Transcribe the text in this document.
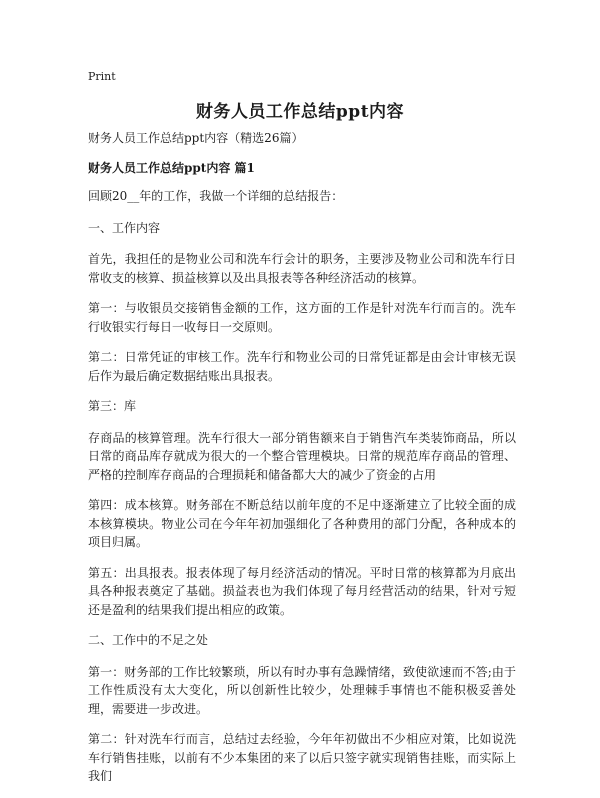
Print
财务人员工作总结ppt内容
财务人员工作总结ppt内容（精选26篇）
财务人员工作总结ppt内容 篇1

回顾20__年的工作，我做一个详细的总结报告：

一、工作内容

首先，我担任的是物业公司和洗车行会计的职务，主要涉及物业公司和洗车行日常收支的核算、损益核算以及出具报表等各种经济活动的核算。

第一：与收银员交接销售金额的工作，这方面的工作是针对洗车行而言的。洗车行收银实行每日一收每日一交原则。

第二：日常凭证的审核工作。洗车行和物业公司的日常凭证都是由会计审核无误后作为最后确定数据结账出具报表。

第三：库

存商品的核算管理。洗车行很大一部分销售额来自于销售汽车类装饰商品，所以日常的商品库存就成为很大的一个整合管理模块。日常的规范库存商品的管理、严格的控制库存商品的合理损耗和储备都大大的减少了资金的占用

第四：成本核算。财务部在不断总结以前年度的不足中逐渐建立了比较全面的成本核算模块。物业公司在今年年初加强细化了各种费用的部门分配，各种成本的项目归属。

第五：出具报表。报表体现了每月经济活动的情况。平时日常的核算都为月底出具各种报表奠定了基础。损益表也为我们体现了每月经营活动的结果，针对亏短还是盈利的结果我们提出相应的政策。

二、工作中的不足之处

第一：财务部的工作比较繁琐，所以有时办事有急躁情绪，致使欲速而不答;由于工作性质没有太大变化，所以创新性比较少，处理棘手事情也不能积极妥善处理，需要进一步改进。

第二：针对洗车行而言，总结过去经验，今年年初做出不少相应对策，比如说洗车行销售挂账，以前有不少本集团的来了以后只签字就实现销售挂账，而实际上我们
